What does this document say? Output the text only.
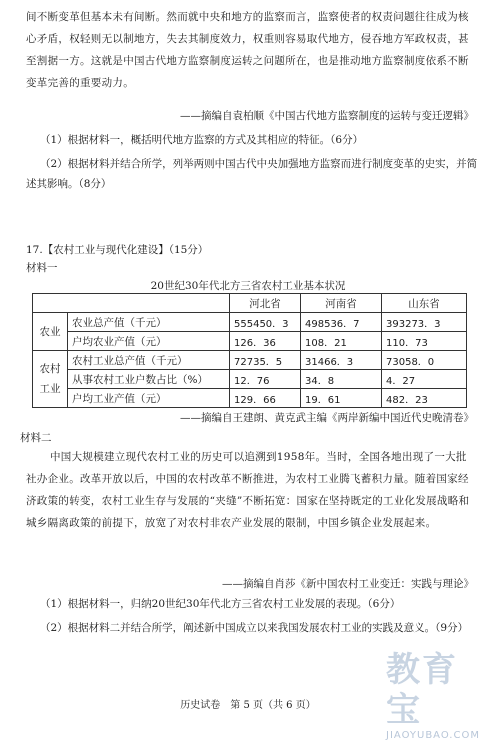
间不断变革但基本未有间断。然而就中央和地方的监察而言，监察使者的权责问题往往成为核心矛盾，权轻则无以制地方，失去其制度效力，权重则容易取代地方，侵吞地方军政权责，甚至割据一方。这就是中国古代地方监察制度运转之问题所在，也是推动地方监察制度依系不断变革完善的重要动力。

——摘编自袁柏顺《中国古代地方监察制度的运转与变迁逻辑》

（1）根据材料一，概括明代地方监察的方式及其相应的特征。（6分）

（2）根据材料并结合所学，列举两则中国古代中央加强地方监察而进行制度变革的史实，并简述其影响。（8分）

17.【农村工业与现代化建设】（15分）
材料一
20世纪30年代北方三省农村工业基本状况
		河北省	河南省	山东省
农业	农业总产值（千元）	555450．3	498536．7	393273．3
	户均农业产值（元）	126．36	108．21	110．73
农村工业	农村工业总产值（千元）	72735．5	31466．3	73058．0
	从事农村工业户数占比（%）	12．76	34．8	4．27
	户均工业产值（元）	129．66	19．61	482．23
——摘编自王建朗、黄克武主编《两岸新编中国近代史晚清卷》
材料二

中国大规模建立现代农村工业的历史可以追溯到1958年。当时，全国各地出现了一大批社办企业。改革开放以后，中国的农村改革不断推进，为农村工业腾飞蓄积力量。随着国家经济政策的转变，农村工业生存与发展的“夹缝”不断拓宽：国家在坚持既定的工业化发展战略和城乡隔离政策的前提下，放宽了对农村非农产业发展的限制，中国乡镇企业发展起来。

——摘编自肖莎《新中国农村工业变迁：实践与理论》

（1）根据材料一，归纳20世纪30年代北方三省农村工业发展的表现。（6分）

（2）根据材料二并结合所学，阐述新中国成立以来我国发展农村工业的实践及意义。（9分）

教育宝
JIAOYUBAO.COM
历史试卷　第 5 页（共 6 页）
